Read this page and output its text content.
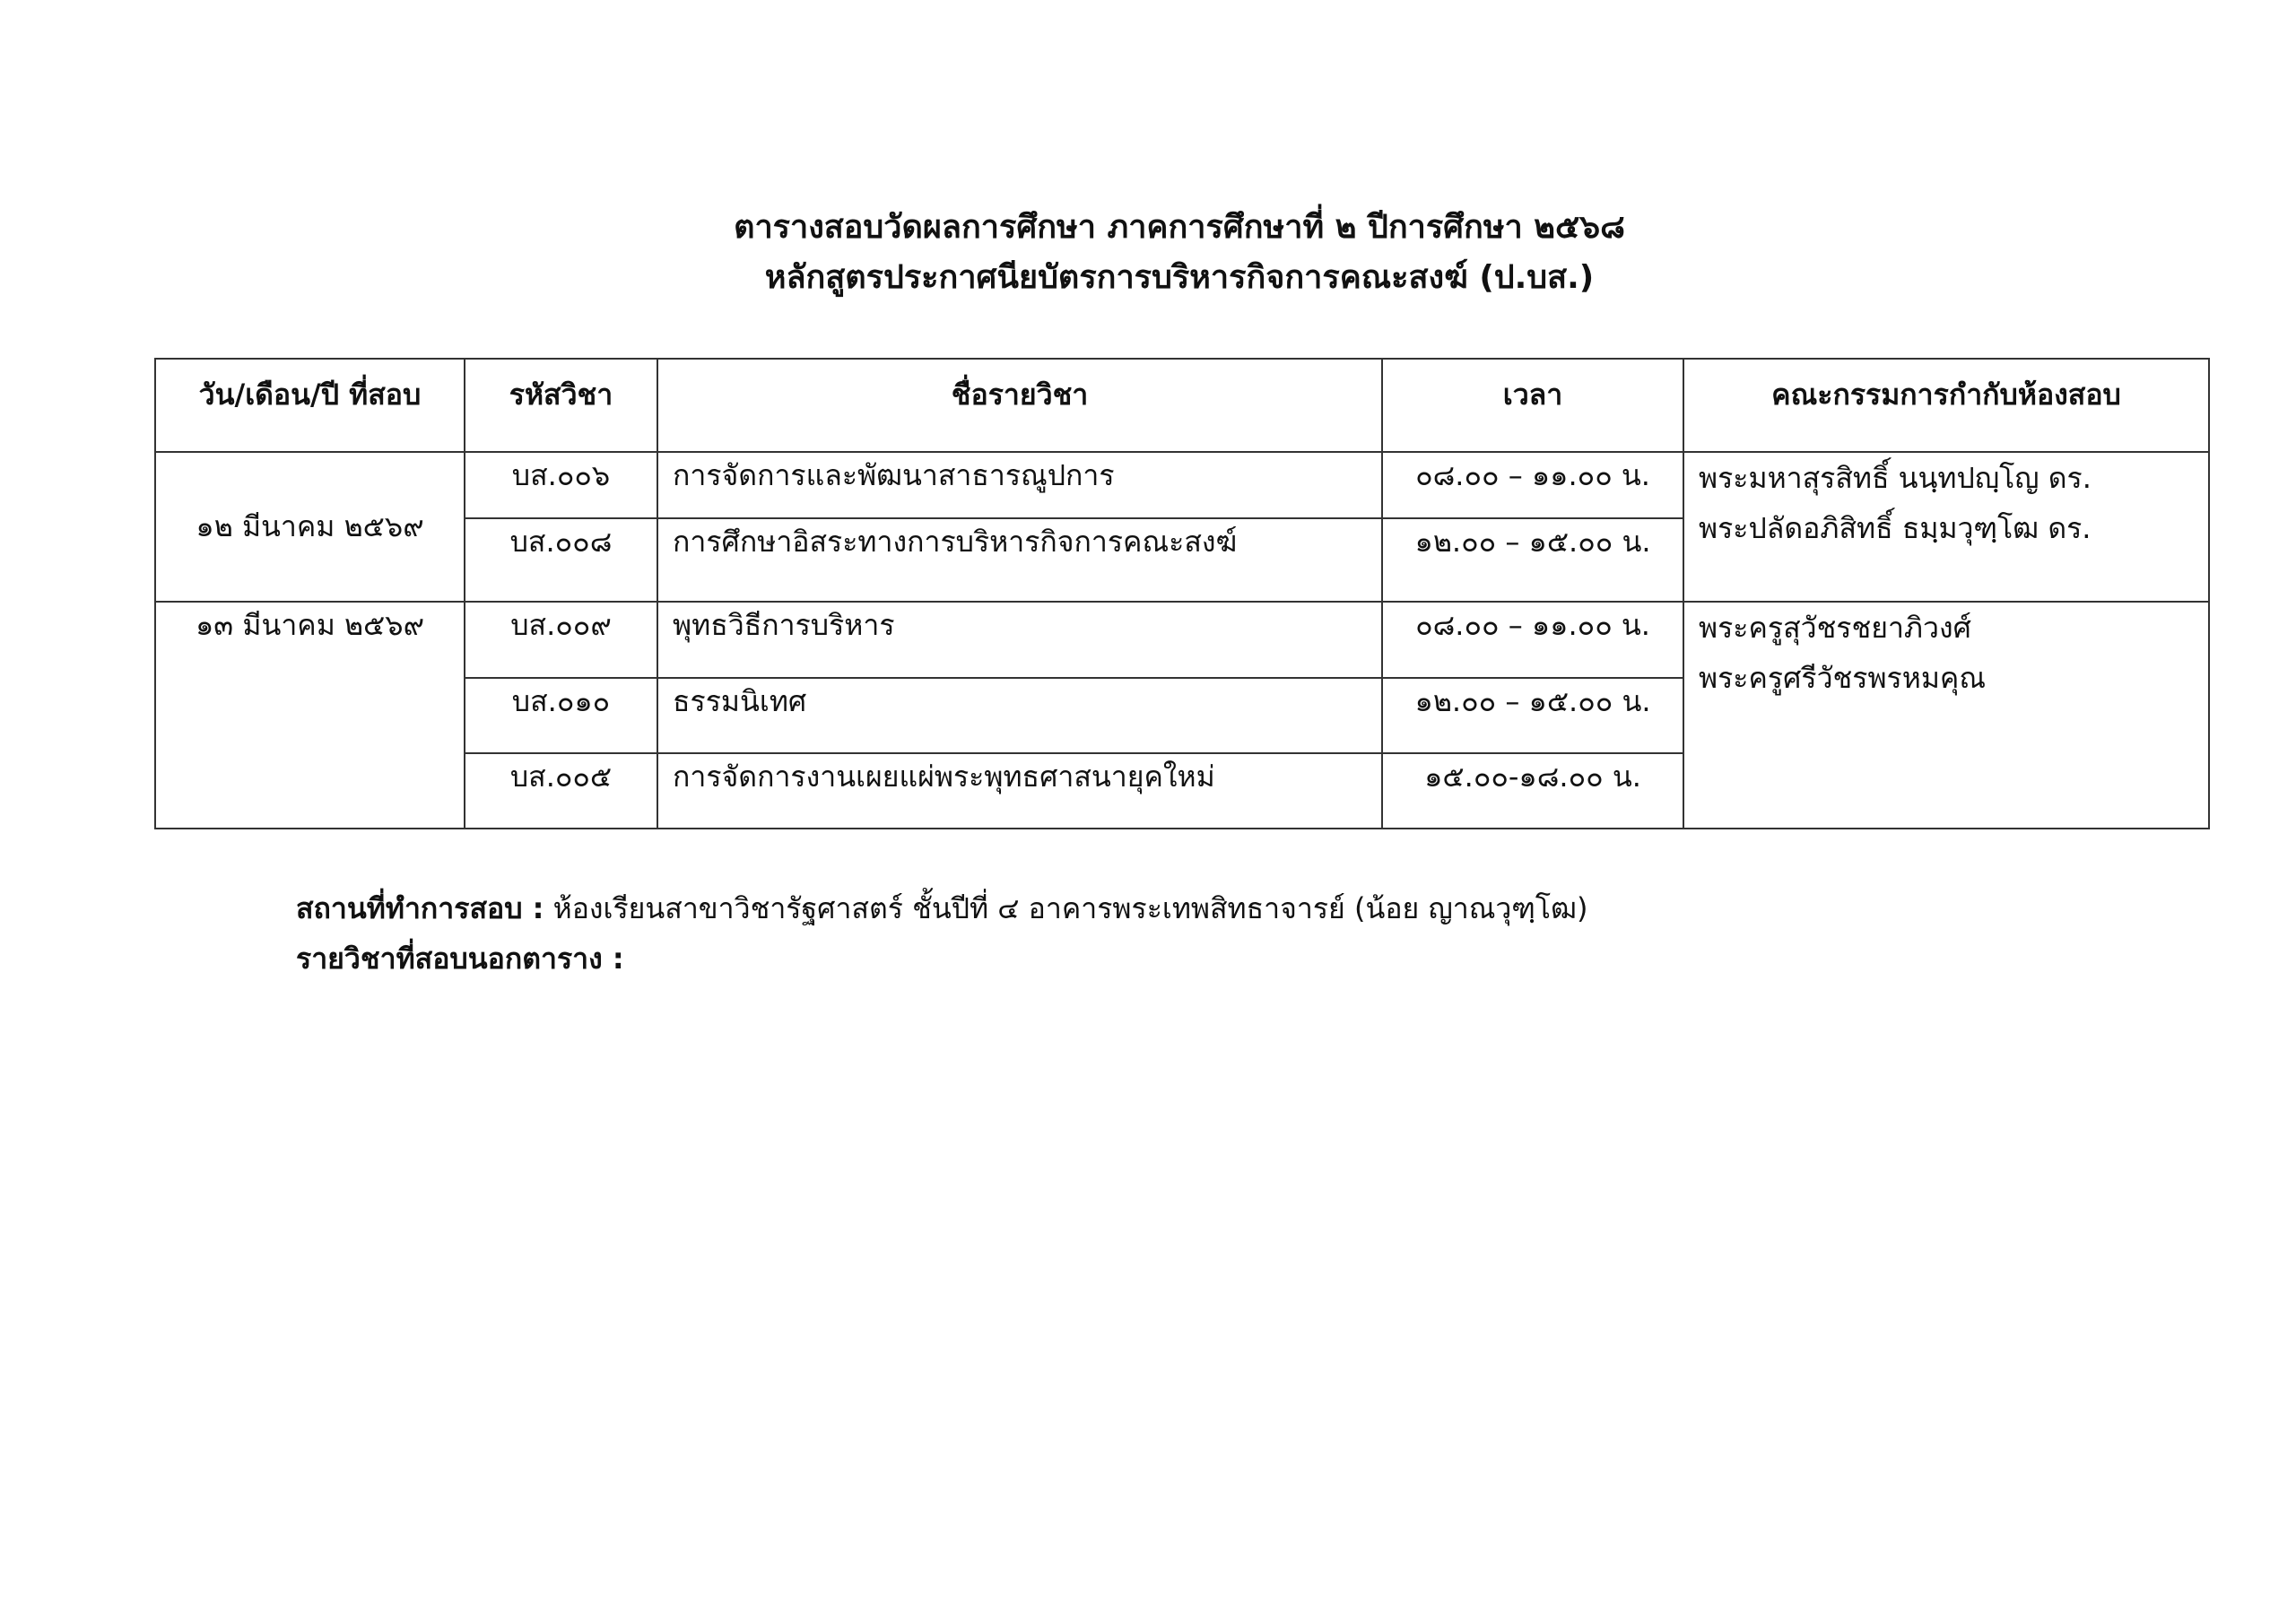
ตารางสอบวัดผลการศึกษา ภาคการศึกษาที่ ๒ ปีการศึกษา ๒๕๖๘
หลักสูตรประกาศนียบัตรการบริหารกิจการคณะสงฆ์ (ป.บส.)
วัน/เดือน/ปี ที่สอบ	รหัสวิชา	ชื่อรายวิชา	เวลา	คณะกรรมการกำกับห้องสอบ
๑๒ มีนาคม ๒๕๖๙	บส.๐๐๖	การจัดการและพัฒนาสาธารณูปการ	๐๘.๐๐ – ๑๑.๐๐ น.	พระมหาสุรสิทธิ์ นนฺทปญฺโญ ดร.
พระปลัดอภิสิทธิ์ ธมฺมวุฑฺโฒ ดร.

	บส.๐๐๘	การศึกษาอิสระทางการบริหารกิจการคณะสงฆ์	๑๒.๐๐ – ๑๕.๐๐ น.	
๑๓ มีนาคม ๒๕๖๙	บส.๐๐๙	พุทธวิธีการบริหาร	๐๘.๐๐ – ๑๑.๐๐ น.	พระครูสุวัชรชยาภิวงศ์
พระครูศรีวัชรพรหมคุณ

	บส.๐๑๐	ธรรมนิเทศ	๑๒.๐๐ – ๑๕.๐๐ น.	
	บส.๐๐๕	การจัดการงานเผยแผ่พระพุทธศาสนายุคใหม่	๑๕.๐๐-๑๘.๐๐ น.	
สถานที่ทำการสอบ : ห้องเรียนสาขาวิชารัฐศาสตร์ ชั้นปีที่ ๔ อาคารพระเทพสิทธาจารย์ (น้อย ญาณวุฑฺโฒ)
รายวิชาที่สอบนอกตาราง :
